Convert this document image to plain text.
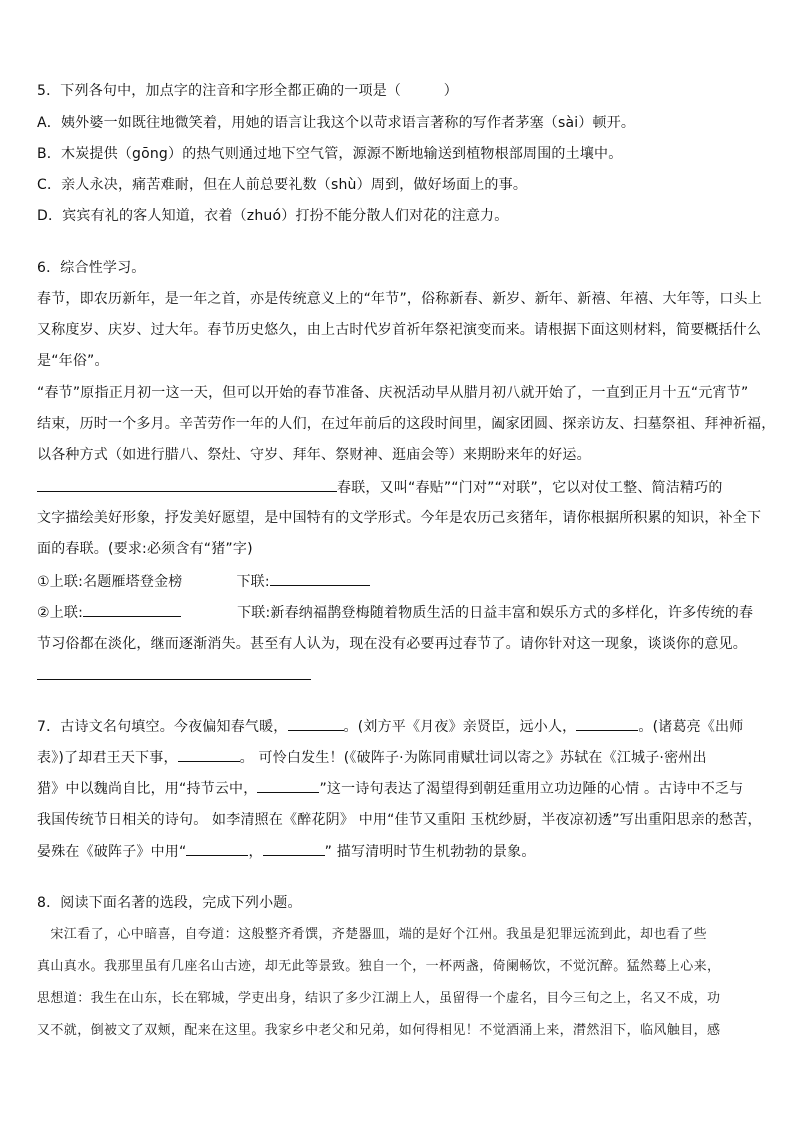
5．下列各句中，加点字的注音和字形全都正确的一项是（　　　）
A．姨外婆一如既往地微笑着，用她的语言让我这个以苛求语言著称的写作者茅塞（sài）顿开。
B．木炭提供（gōng）的热气则通过地下空气管，源源不断地输送到植物根部周围的土壤中。
C．亲人永决，痛苦难耐，但在人前总要礼数（shù）周到，做好场面上的事。
D．宾宾有礼的客人知道，衣着（zhuó）打扮不能分散人们对花的注意力。
6．综合性学习。
春节，即农历新年，是一年之首，亦是传统意义上的“年节”，俗称新春、新岁、新年、新禧、年禧、大年等，口头上
又称度岁、庆岁、过大年。春节历史悠久，由上古时代岁首祈年祭祀演变而来。请根据下面这则材料，简要概括什么
是“年俗”。
“春节”原指正月初一这一天，但可以开始的春节准备、庆祝活动早从腊月初八就开始了，一直到正月十五“元宵节”
结束，历时一个多月。辛苦劳作一年的人们，在过年前后的这段时间里，阖家团圆、探亲访友、扫墓祭祖、拜神祈福，
以各种方式（如进行腊八、祭灶、守岁、拜年、祭财神、逛庙会等）来期盼来年的好运。
春联，又叫“春贴”“门对”“对联”，它以对仗工整、简洁精巧的
文字描绘美好形象，抒发美好愿望，是中国特有的文学形式。今年是农历己亥猪年，请你根据所积累的知识，补全下
面的春联。(要求:必须含有“猪”字)
①上联:名题雁塔登金榜	下联:
②上联:	下联:新春纳福鹊登梅随着物质生活的日益丰富和娱乐方式的多样化，许多传统的春
节习俗都在淡化，继而逐渐消失。甚至有人认为，现在没有必要再过春节了。请你针对这一现象，谈谈你的意见。
7．古诗文名句填空。今夜偏知春气暖，	。(刘方平《月夜》亲贤臣，远小人，	。(诸葛亮《出师
表》)了却君王天下事，	。 可怜白发生！(《破阵子·为陈同甫赋壮词以寄之》苏轼在《江城子·密州出
猎》中以魏尚自比，用“持节云中，	”这一诗句表达了渴望得到朝廷重用立功边陲的心情 。古诗中不乏与
我国传统节日相关的诗句。 如李清照在《醉花阴》 中用“佳节又重阳 玉枕纱厨，半夜凉初透”写出重阳思亲的愁苦，
晏殊在《破阵子》中用“	，	” 描写清明时节生机勃勃的景象。
8．阅读下面名著的选段，完成下列小题。
　宋江看了，心中暗喜，自夸道：这般整齐肴馔，齐楚器皿，端的是好个江州。我虽是犯罪远流到此，却也看了些
真山真水。我那里虽有几座名山古迹，却无此等景致。独自一个，一杯两盏，倚阑畅饮，不觉沉醉。猛然蓦上心来，
思想道：我生在山东，长在郓城，学吏出身，结识了多少江湖上人，虽留得一个虚名，目今三旬之上，名又不成，功
又不就，倒被文了双颊，配来在这里。我家乡中老父和兄弟，如何得相见！不觉酒涌上来，潸然泪下，临风触目，感
